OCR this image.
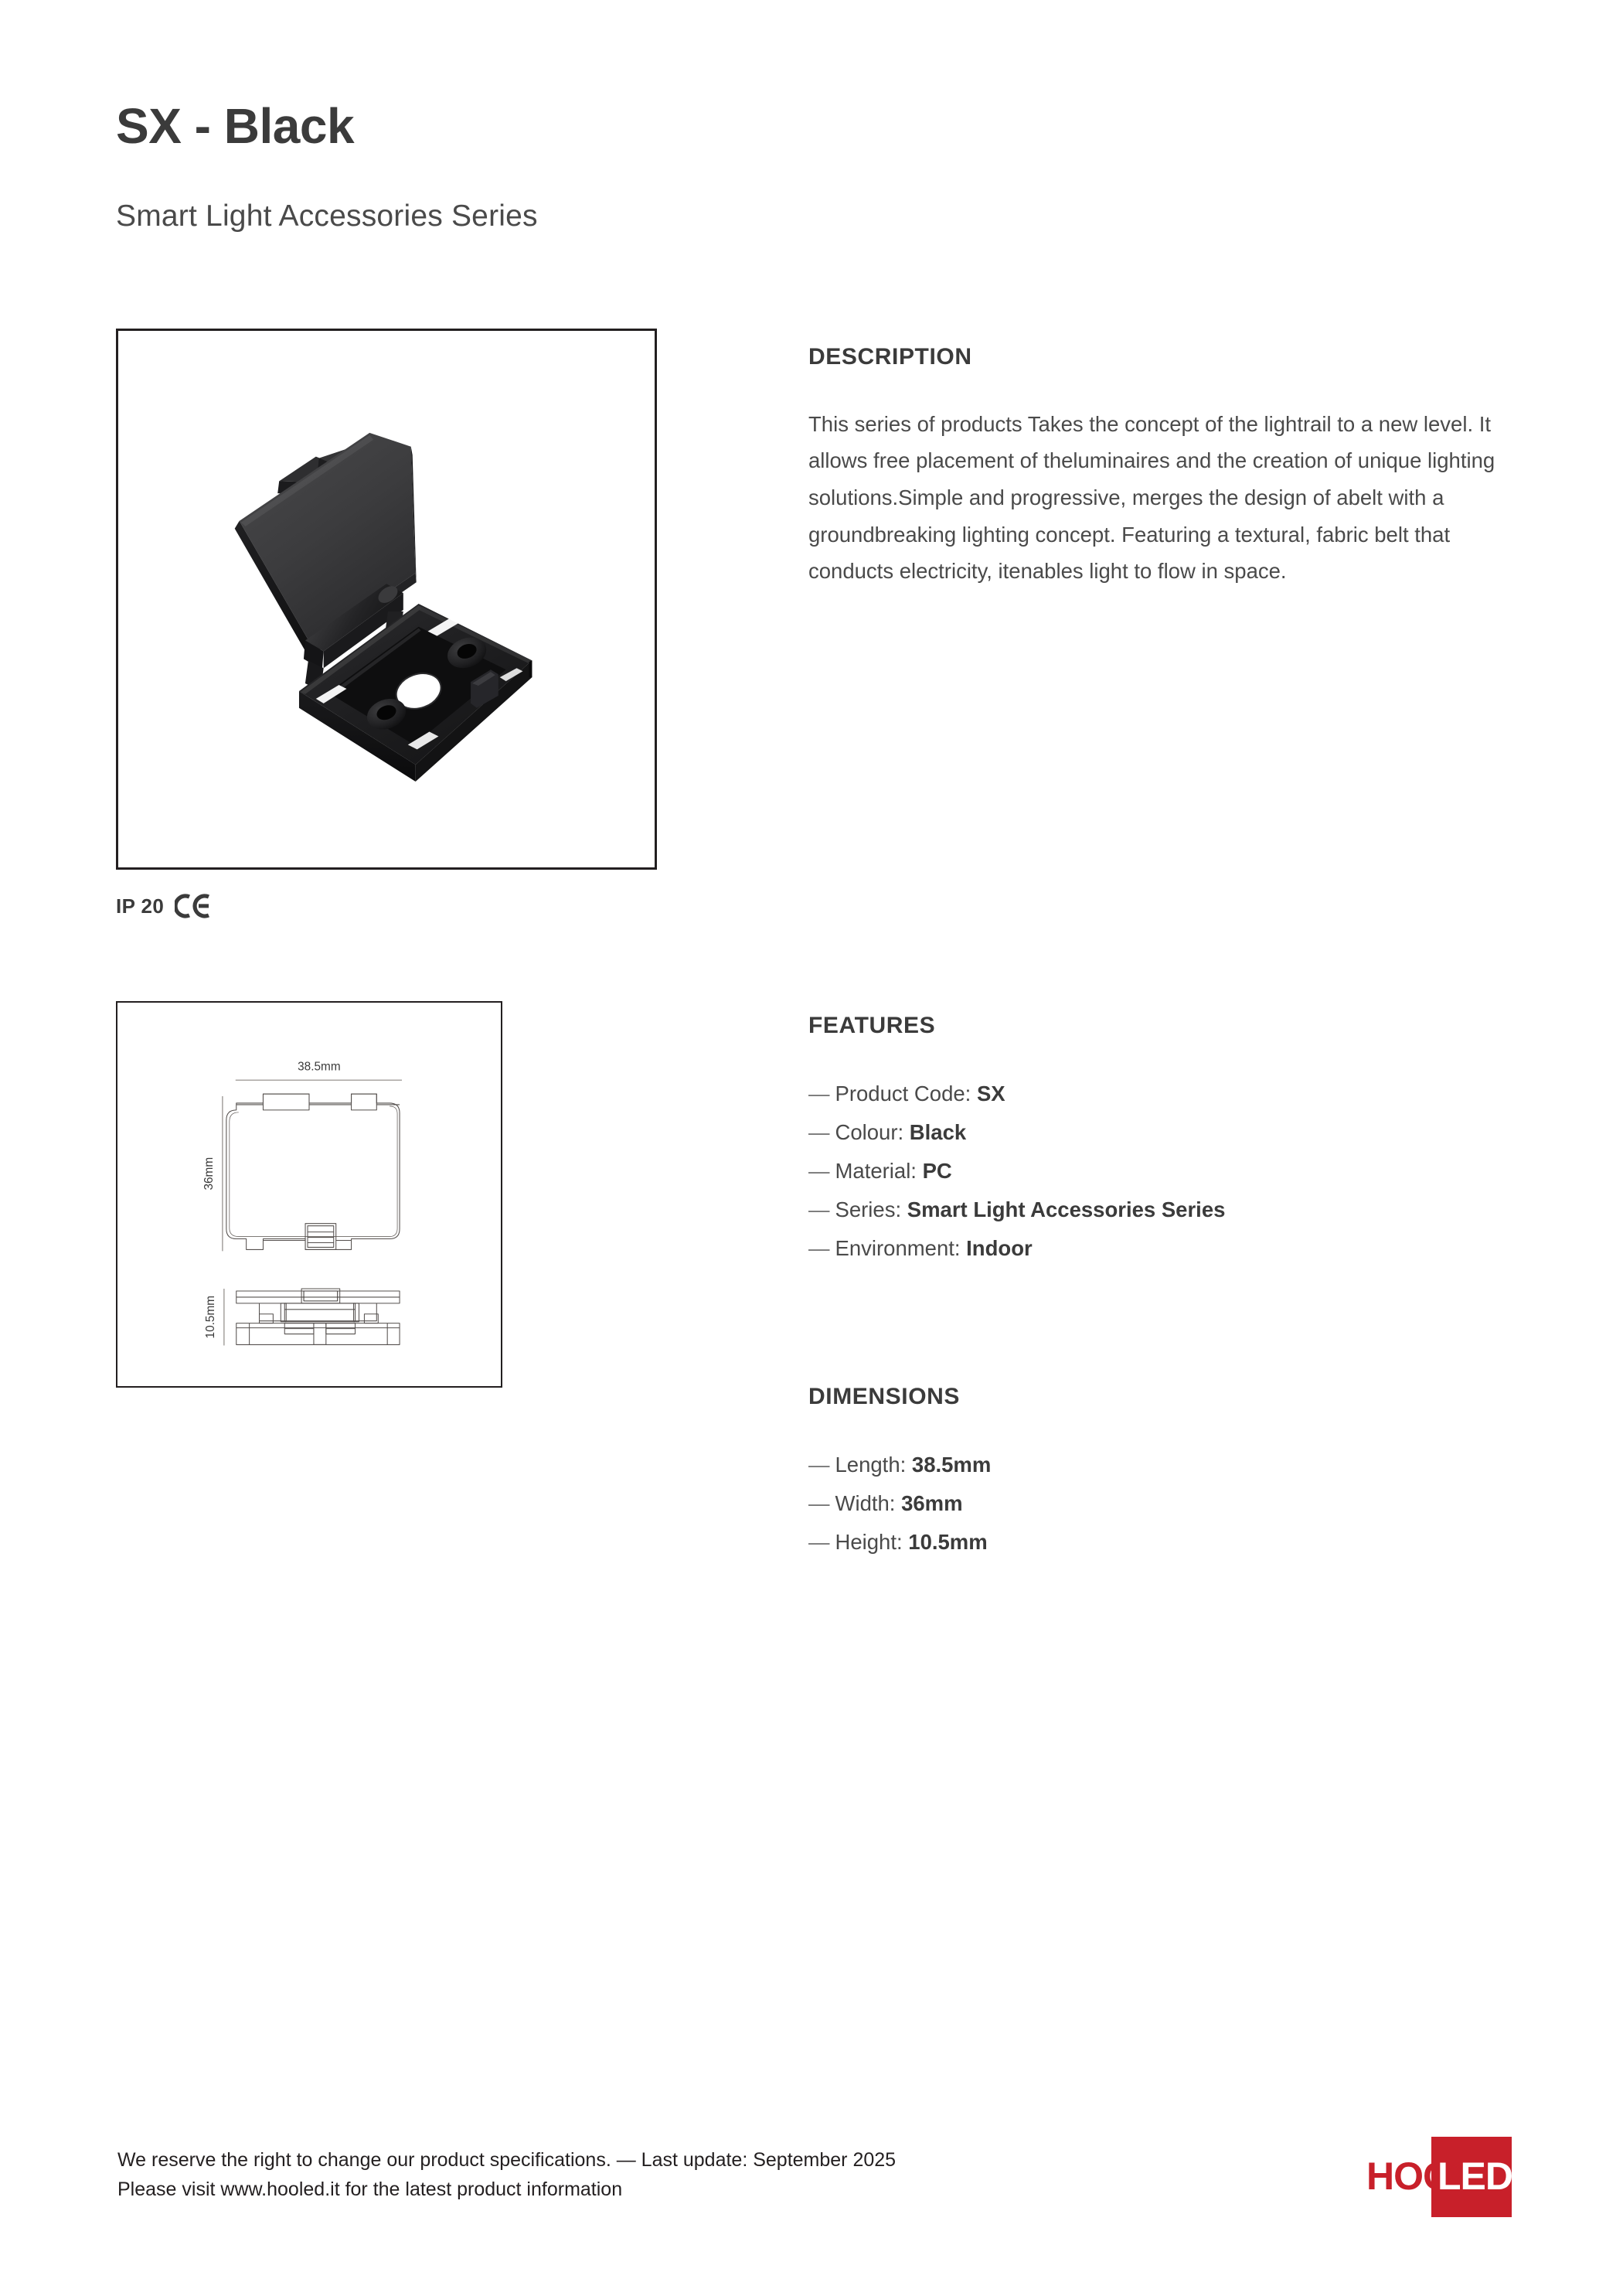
SX - Black
Smart Light Accessories Series
IP 20
38.5mm
36mm
10.5mm
DESCRIPTION

This series of products Takes the concept of the lightrail to a new level. It allows free placement of theluminaires and the creation of unique lighting solutions.Simple and progressive, merges the design of abelt with a groundbreaking lighting concept. Featuring a textural, fabric belt that conducts electricity, itenables light to flow in space.

FEATURES
— Product Code: SX
— Colour: Black
— Material: PC
— Series: Smart Light Accessories Series
— Environment: Indoor
DIMENSIONS
— Length: 38.5mm
— Width: 36mm
— Height: 10.5mm
We reserve the right to change our product specifications. — Last update: September 2025
Please visit www.hooled.it for the latest product information	HOO
LED
